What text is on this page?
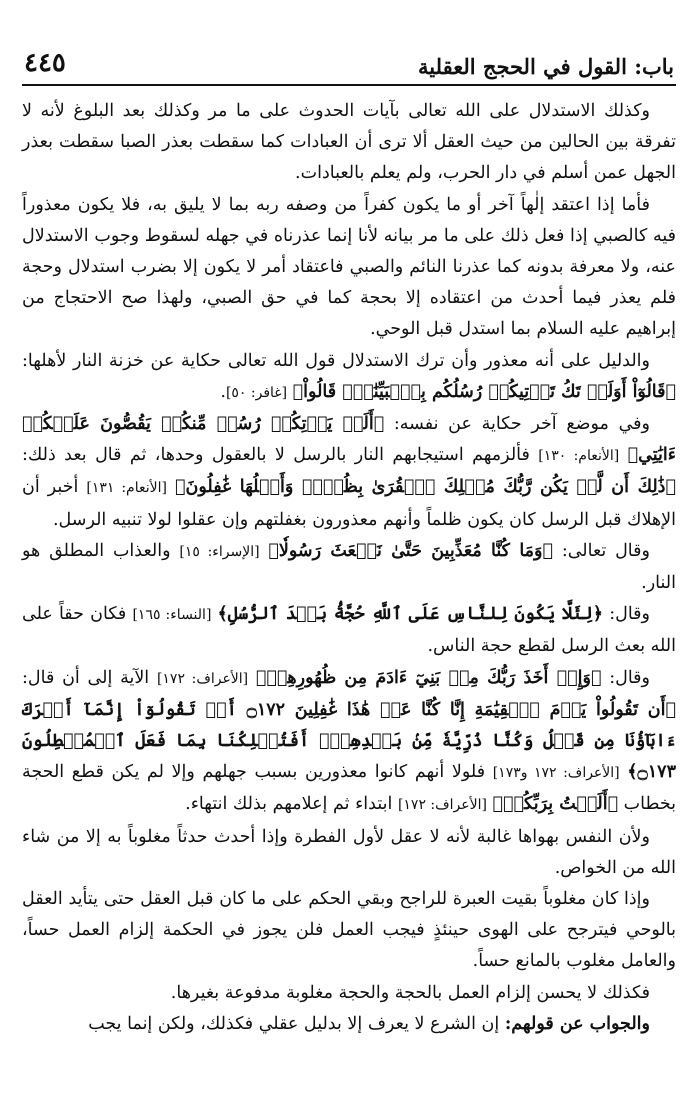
باب: القول في الحجج العقلية
٤٤٥

وكذلك الاستدلال على الله تعالى بآيات الحدوث على ما مر وكذلك بعد البلوغ لأنه لا تفرقة بين الحالين من حيث العقل ألا ترى أن العبادات كما سقطت بعذر الصبا سقطت بعذر الجهل عمن أسلم في دار الحرب، ولم يعلم بالعبادات.

فأما إذا اعتقد إلٰهاً آخر أو ما يكون كفراً من وصفه ربه بما لا يليق به، فلا يكون معذوراً فيه كالصبي إذا فعل ذلك على ما مر بيانه لأنا إنما عذرناه في جهله لسقوط وجوب الاستدلال عنه، ولا معرفة بدونه كما عذرنا النائم والصبي فاعتقاد أمر لا يكون إلا بضرب استدلال وحجة فلم يعذر فيما أحدث من اعتقاده إلا بحجة كما في حق الصبي، ولهذا صح الاحتجاج من إبراهيم عليه السلام بما استدل قبل الوحي.

والدليل على أنه معذور وأن ترك الاستدلال قول الله تعالى حكاية عن خزنة النار لأهلها: ﴿قَالُوٓاْ أَوَلَمۡ تَكُ تَأۡتِيكُمۡ رُسُلُكُم بِٱلۡبَيِّنَٰتِۖ قَالُواْ﴾ [غافر: ٥٠].

وفي موضع آخر حكاية عن نفسه: ﴿أَلَمۡ يَأۡتِكُمۡ رُسُلٞ مِّنكُمۡ يَقُصُّونَ عَلَيۡكُمۡ ءَايَٰتِي﴾ [الأنعام: ١٣٠] فألزمهم استيجابهم النار بالرسل لا بالعقول وحدها، ثم قال بعد ذلك: ﴿ذَٰلِكَ أَن لَّمۡ يَكُن رَّبُّكَ مُهۡلِكَ ٱلۡقُرَىٰ بِظُلۡمٖ وَأَهۡلُهَا غَٰفِلُونَ﴾ [الأنعام: ١٣١] أخبر أن الإهلاك قبل الرسل كان يكون ظلماً وأنهم معذورون بغفلتهم وإن عقلوا لولا تنبيه الرسل.

وقال تعالى: ﴿وَمَا كُنَّا مُعَذِّبِينَ حَتَّىٰ نَبۡعَثَ رَسُولٗا﴾ [الإسراء: ١٥] والعذاب المطلق هو النار.

وقال: ﴿لِئَلَّا يَكُونَ لِلنَّاسِ عَلَى ٱللَّهِ حُجَّةُۢ بَعۡدَ ٱلرُّسُلِ﴾ [النساء: ١٦٥] فكان حقاً على الله بعث الرسل لقطع حجة الناس.

وقال: ﴿وَإِذۡ أَخَذَ رَبُّكَ مِنۢ بَنِيٓ ءَادَمَ مِن ظُهُورِهِمۡ﴾ [الأعراف: ١٧٢] الآية إلى أن قال: ﴿أَن تَقُولُواْ يَوۡمَ ٱلۡقِيَٰمَةِ إِنَّا كُنَّا عَنۡ هَٰذَا غَٰفِلِينَ ۝١٧٢ أَوۡ تَقُولُوٓاْ إِنَّمَآ أَشۡرَكَ ءَابَآؤُنَا مِن قَبۡلُ وَكُنَّا ذُرِّيَّةٗ مِّنۢ بَعۡدِهِمۡۖ أَفَتُهۡلِكُنَا بِمَا فَعَلَ ٱلۡمُبۡطِلُونَ ۝١٧٣﴾ [الأعراف: ١٧٢ و١٧٣] فلولا أنهم كانوا معذورين بسبب جهلهم وإلا لم يكن قطع الحجة بخطاب ﴿أَلَسۡتُ بِرَبِّكُمۡ﴾ [الأعراف: ١٧٢] ابتداء ثم إعلامهم بذلك انتهاء.

ولأن النفس بهواها غالبة لأنه لا عقل لأول الفطرة وإذا أحدث حدثاً مغلوباً به إلا من شاء الله من الخواص.

وإذا كان مغلوباً بقيت العبرة للراجح وبقي الحكم على ما كان قبل العقل حتى يتأيد العقل بالوحي فيترجح على الهوى حينئذٍ فيجب العمل فلن يجوز في الحكمة إلزام العمل حساً، والعامل مغلوب بالمانع حساً.

فكذلك لا يحسن إلزام العمل بالحجة والحجة مغلوبة مدفوعة بغيرها.

والجواب عن قولهم: إن الشرع لا يعرف إلا بدليل عقلي فكذلك، ولكن إنما يجب
